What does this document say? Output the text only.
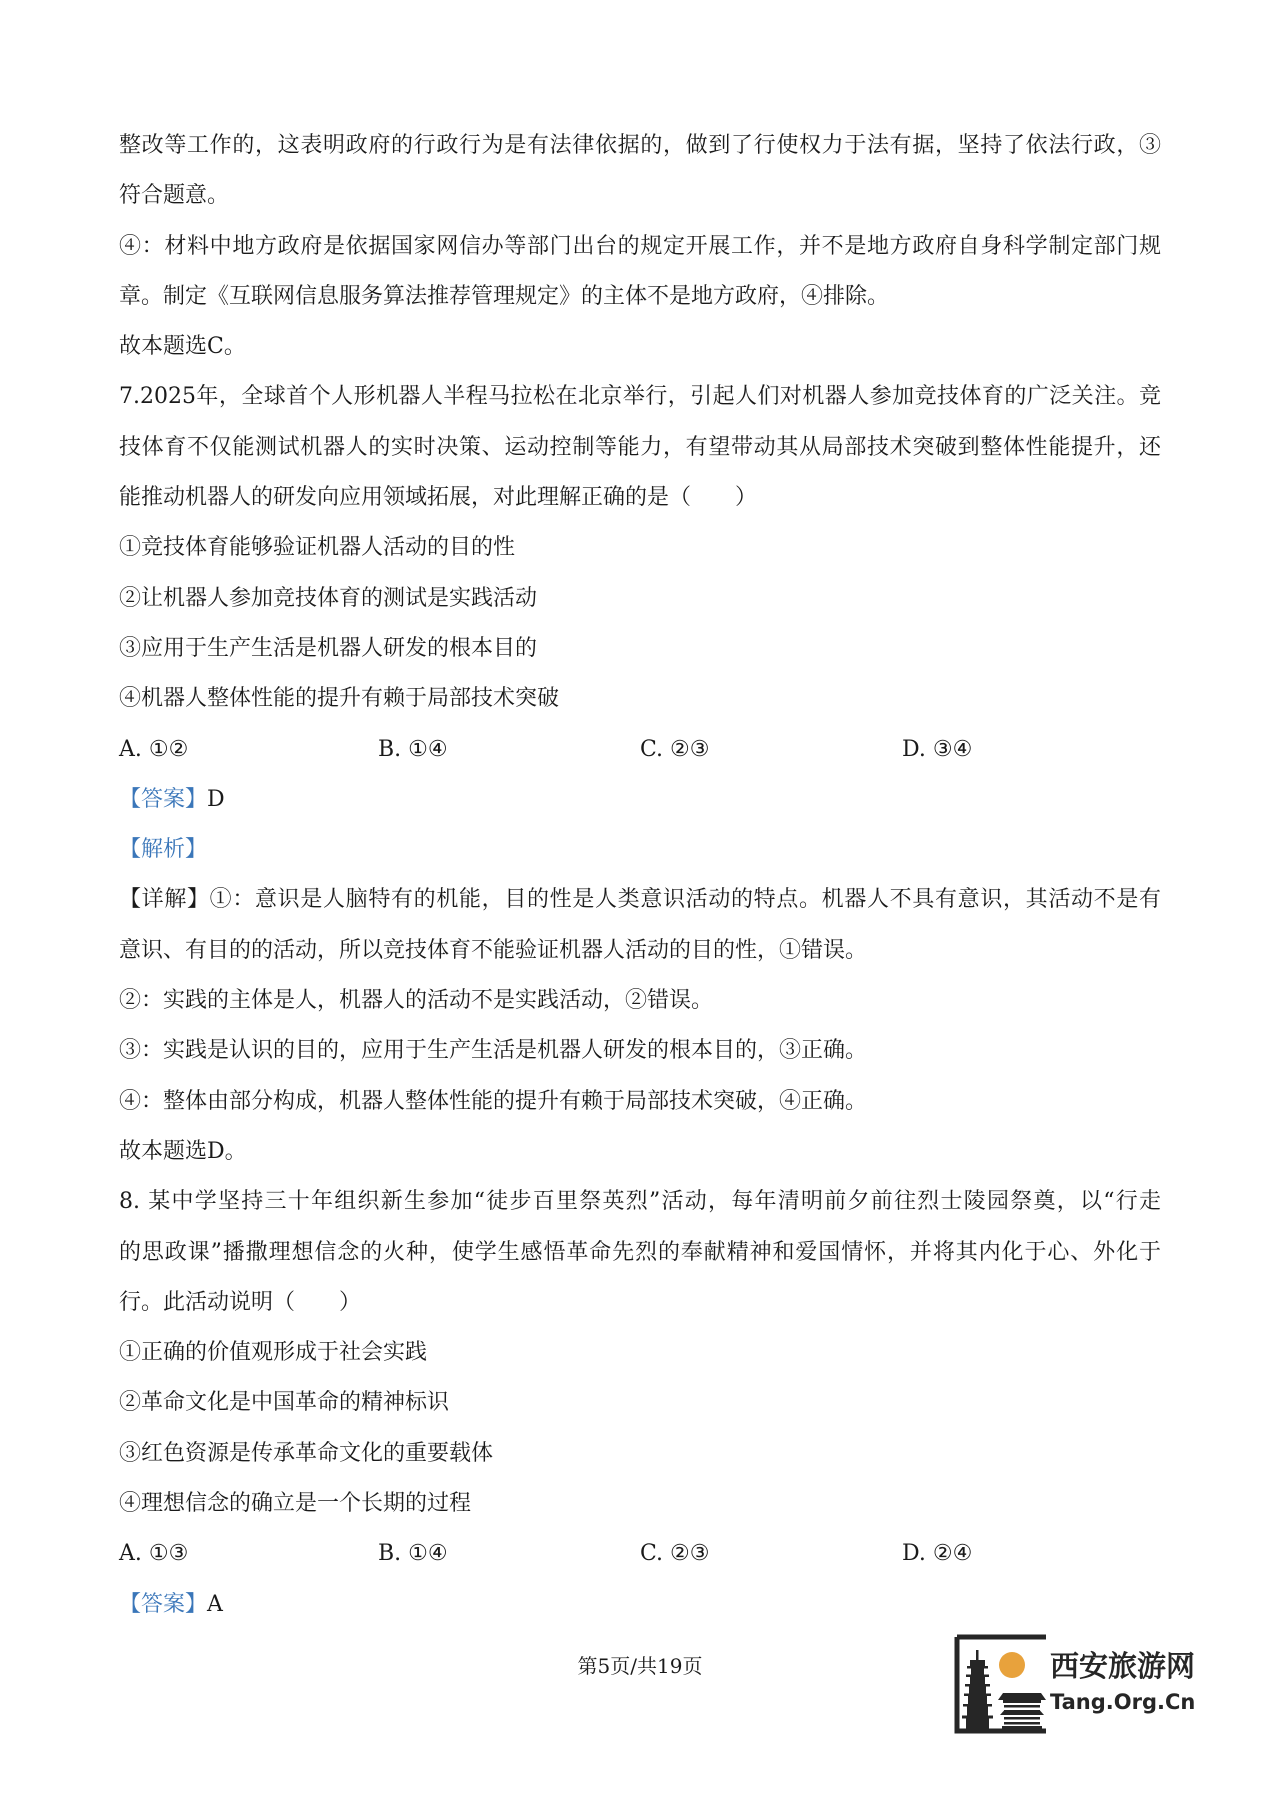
整改等工作的，这表明政府的行政行为是有法律依据的，做到了行使权力于法有据，坚持了依法行政，③
符合题意。
④：材料中地方政府是依据国家网信办等部门出台的规定开展工作，并不是地方政府自身科学制定部门规
章。制定《互联网信息服务算法推荐管理规定》的主体不是地方政府，④排除。
故本题选C。
7.2025年，全球首个人形机器人半程马拉松在北京举行，引起人们对机器人参加竞技体育的广泛关注。竞
技体育不仅能测试机器人的实时决策、运动控制等能力，有望带动其从局部技术突破到整体性能提升，还
能推动机器人的研发向应用领域拓展，对此理解正确的是（　　）
①竞技体育能够验证机器人活动的目的性
②让机器人参加竞技体育的测试是实践活动
③应用于生产生活是机器人研发的根本目的
④机器人整体性能的提升有赖于局部技术突破
A. ①②	B. ①④	C. ②③	D. ③④
【答案】D
【解析】
【详解】①：意识是人脑特有的机能，目的性是人类意识活动的特点。机器人不具有意识，其活动不是有
意识、有目的的活动，所以竞技体育不能验证机器人活动的目的性，①错误。
②：实践的主体是人，机器人的活动不是实践活动，②错误。
③：实践是认识的目的，应用于生产生活是机器人研发的根本目的，③正确。
④：整体由部分构成，机器人整体性能的提升有赖于局部技术突破，④正确。
故本题选D。
8. 某中学坚持三十年组织新生参加“徒步百里祭英烈”活动，每年清明前夕前往烈士陵园祭奠，以“行走
的思政课”播撒理想信念的火种，使学生感悟革命先烈的奉献精神和爱国情怀，并将其内化于心、外化于
行。此活动说明（　　）
①正确的价值观形成于社会实践
②革命文化是中国革命的精神标识
③红色资源是传承革命文化的重要载体
④理想信念的确立是一个长期的过程
A. ①③	B. ①④	C. ②③	D. ②④
【答案】A
第5页/共19页	西安旅游网
Tang.Org.Cn
